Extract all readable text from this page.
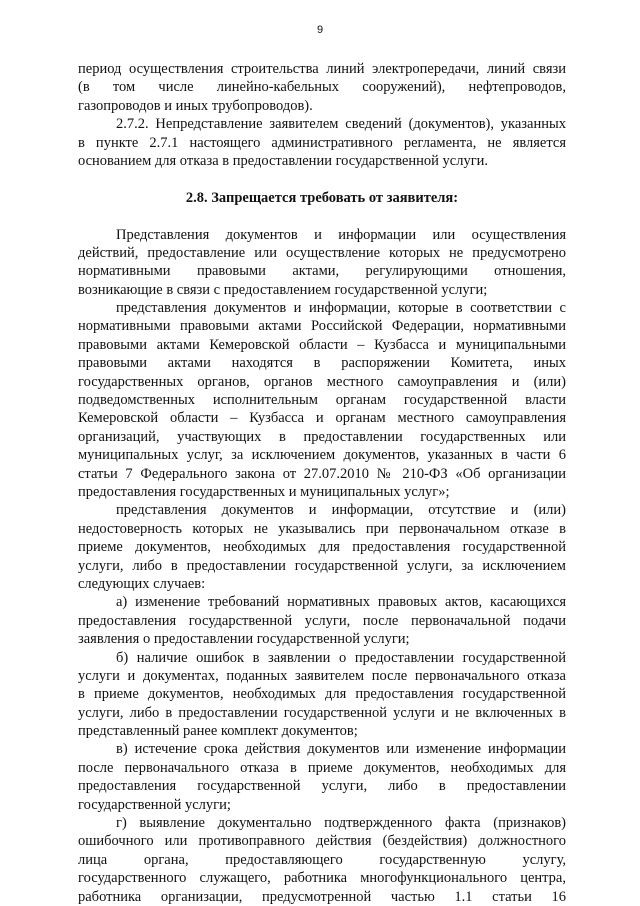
9
период осуществления строительства линий электропередачи, линий связи
(в том числе линейно-кабельных сооружений), нефтепроводов,
газопроводов и иных трубопроводов).
2.7.2. Непредставление заявителем сведений (документов), указанных
в пункте 2.7.1 настоящего административного регламента, не является
основанием для отказа в предоставлении государственной услуги.
2.8. Запрещается требовать от заявителя:
Представления документов и информации или осуществления
действий, предоставление или осуществление которых не предусмотрено
нормативными правовыми актами, регулирующими отношения,
возникающие в связи с предоставлением государственной услуги;
представления документов и информации, которые в соответствии с
нормативными правовыми актами Российской Федерации, нормативными
правовыми актами Кемеровской области – Кузбасса и муниципальными
правовыми актами находятся в распоряжении Комитета, иных
государственных органов, органов местного самоуправления и (или)
подведомственных исполнительным органам государственной власти
Кемеровской области – Кузбасса и органам местного самоуправления
организаций, участвующих в предоставлении государственных или
муниципальных услуг, за исключением документов, указанных в части 6
статьи 7 Федерального закона от 27.07.2010 № 210-ФЗ «Об организации
предоставления государственных и муниципальных услуг»;
представления документов и информации, отсутствие и (или)
недостоверность которых не указывались при первоначальном отказе в
приеме документов, необходимых для предоставления государственной
услуги, либо в предоставлении государственной услуги, за исключением
следующих случаев:
а) изменение требований нормативных правовых актов, касающихся
предоставления государственной услуги, после первоначальной подачи
заявления о предоставлении государственной услуги;
б) наличие ошибок в заявлении о предоставлении государственной
услуги и документах, поданных заявителем после первоначального отказа
в приеме документов, необходимых для предоставления государственной
услуги, либо в предоставлении государственной услуги и не включенных в
представленный ранее комплект документов;
в) истечение срока действия документов или изменение информации
после первоначального отказа в приеме документов, необходимых для
предоставления государственной услуги, либо в предоставлении
государственной услуги;
г) выявление документально подтвержденного факта (признаков)
ошибочного или противоправного действия (бездействия) должностного
лица органа, предоставляющего государственную услугу,
государственного служащего, работника многофункционального центра,
работника организации, предусмотренной частью 1.1 статьи 16
